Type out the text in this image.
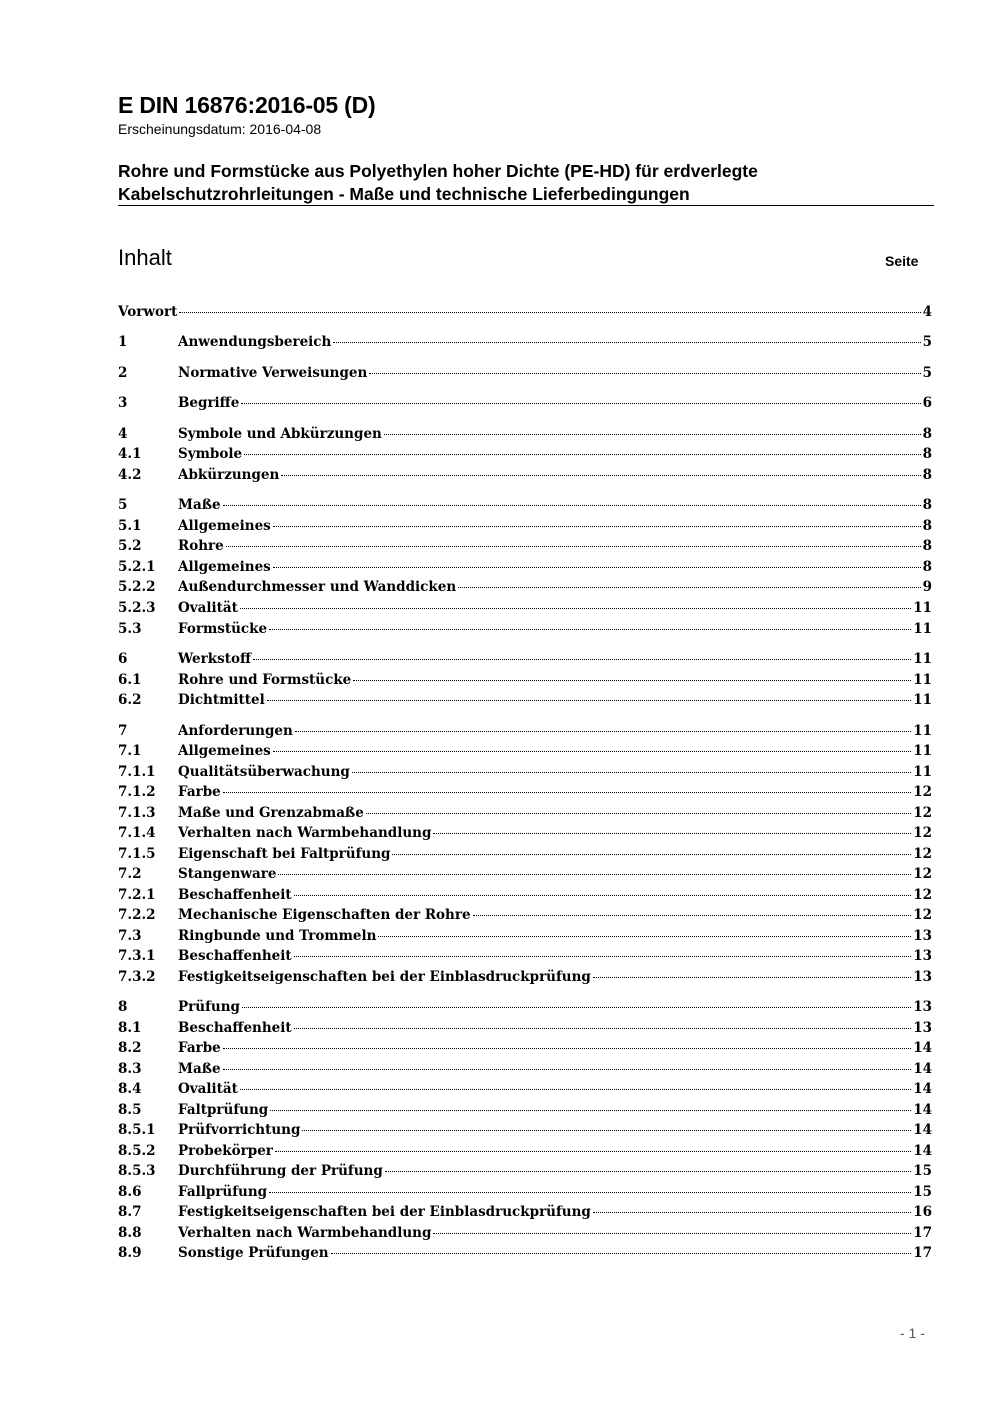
E DIN 16876:2016-05 (D)
Erscheinungsdatum: 2016-04-08
Rohre und Formstücke aus Polyethylen hoher Dichte (PE-HD) für erdverlegte
Kabelschutzrohrleitungen - Maße und technische Lieferbedingungen
Inhalt	Seite
Vorwort	4
1	Anwendungsbereich	5
2	Normative Verweisungen	5
3	Begriffe	6
4	Symbole und Abkürzungen	8
4.1	Symbole	8
4.2	Abkürzungen	8
5	Maße	8
5.1	Allgemeines	8
5.2	Rohre	8
5.2.1	Allgemeines	8
5.2.2	Außendurchmesser und Wanddicken	9
5.2.3	Ovalität	11
5.3	Formstücke	11
6	Werkstoff	11
6.1	Rohre und Formstücke	11
6.2	Dichtmittel	11
7	Anforderungen	11
7.1	Allgemeines	11
7.1.1	Qualitätsüberwachung	11
7.1.2	Farbe	12
7.1.3	Maße und Grenzabmaße	12
7.1.4	Verhalten nach Warmbehandlung	12
7.1.5	Eigenschaft bei Faltprüfung	12
7.2	Stangenware	12
7.2.1	Beschaffenheit	12
7.2.2	Mechanische Eigenschaften der Rohre	12
7.3	Ringbunde und Trommeln	13
7.3.1	Beschaffenheit	13
7.3.2	Festigkeitseigenschaften bei der Einblasdruckprüfung	13
8	Prüfung	13
8.1	Beschaffenheit	13
8.2	Farbe	14
8.3	Maße	14
8.4	Ovalität	14
8.5	Faltprüfung	14
8.5.1	Prüfvorrichtung	14
8.5.2	Probekörper	14
8.5.3	Durchführung der Prüfung	15
8.6	Fallprüfung	15
8.7	Festigkeitseigenschaften bei der Einblasdruckprüfung	16
8.8	Verhalten nach Warmbehandlung	17
8.9	Sonstige Prüfungen	17
- 1 -
